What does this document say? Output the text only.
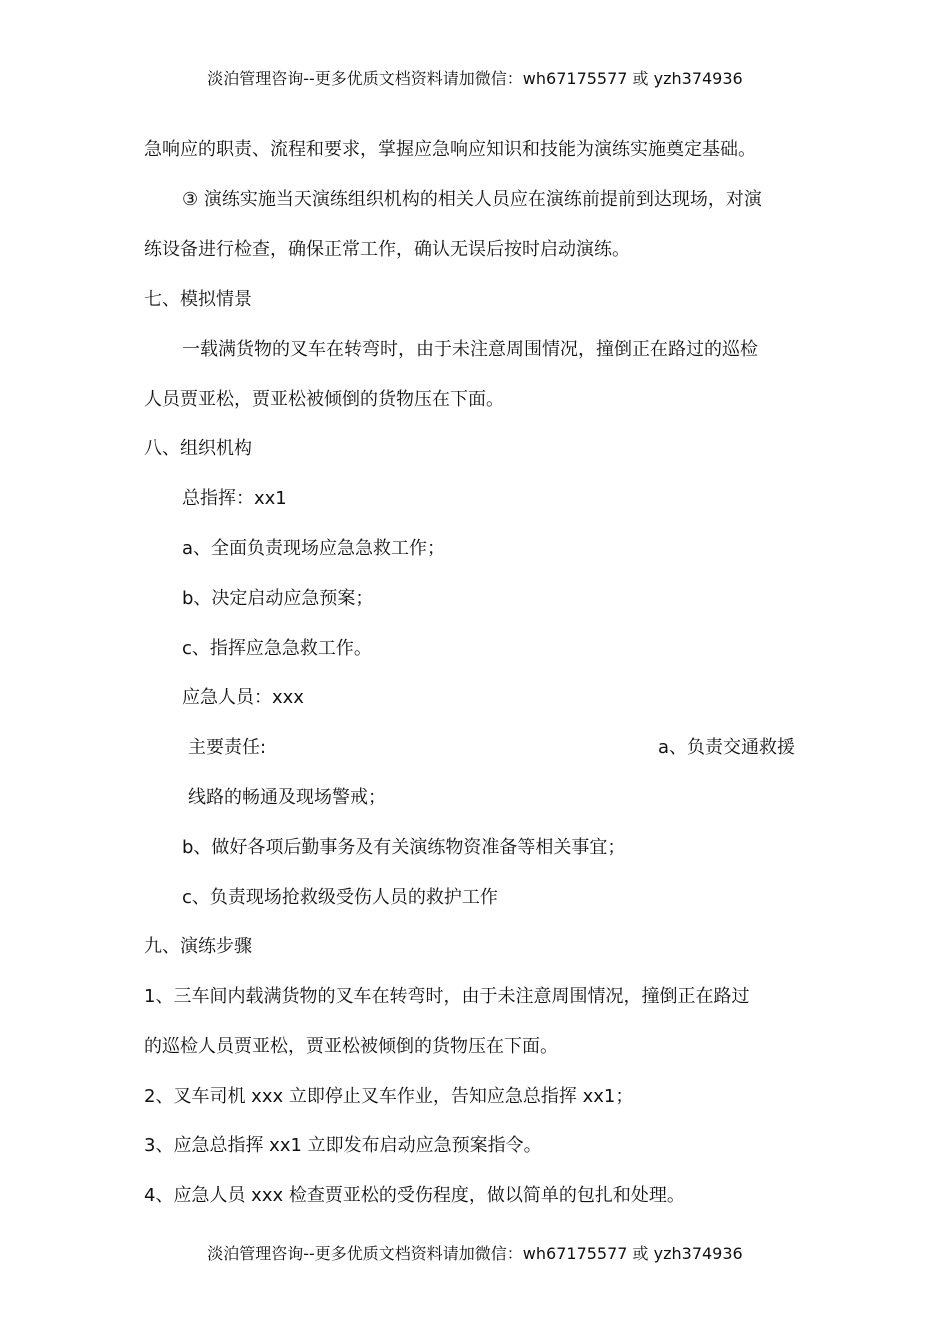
淡泊管理咨询--更多优质文档资料请加微信：wh67175577 或 yzh374936
急响应的职责、流程和要求，掌握应急响应知识和技能为演练实施奠定基础。
③ 演练实施当天演练组织机构的相关人员应在演练前提前到达现场，对演
练设备进行检查，确保正常工作，确认无误后按时启动演练。
七、模拟情景
一载满货物的叉车在转弯时，由于未注意周围情况，撞倒正在路过的巡检
人员贾亚松，贾亚松被倾倒的货物压在下面。
八、组织机构
总指挥：xx1
a、全面负责现场应急急救工作；
b、决定启动应急预案；
c、指挥应急急救工作。
应急人员：xxx
主要责任:	a、负责交通救援
线路的畅通及现场警戒；
b、做好各项后勤事务及有关演练物资准备等相关事宜；
c、负责现场抢救级受伤人员的救护工作
九、演练步骤
1、三车间内载满货物的叉车在转弯时，由于未注意周围情况，撞倒正在路过
的巡检人员贾亚松，贾亚松被倾倒的货物压在下面。
2、叉车司机 xxx 立即停止叉车作业，告知应急总指挥 xx1；
3、应急总指挥 xx1 立即发布启动应急预案指令。
4、应急人员 xxx 检查贾亚松的受伤程度，做以简单的包扎和处理。
淡泊管理咨询--更多优质文档资料请加微信：wh67175577 或 yzh374936
